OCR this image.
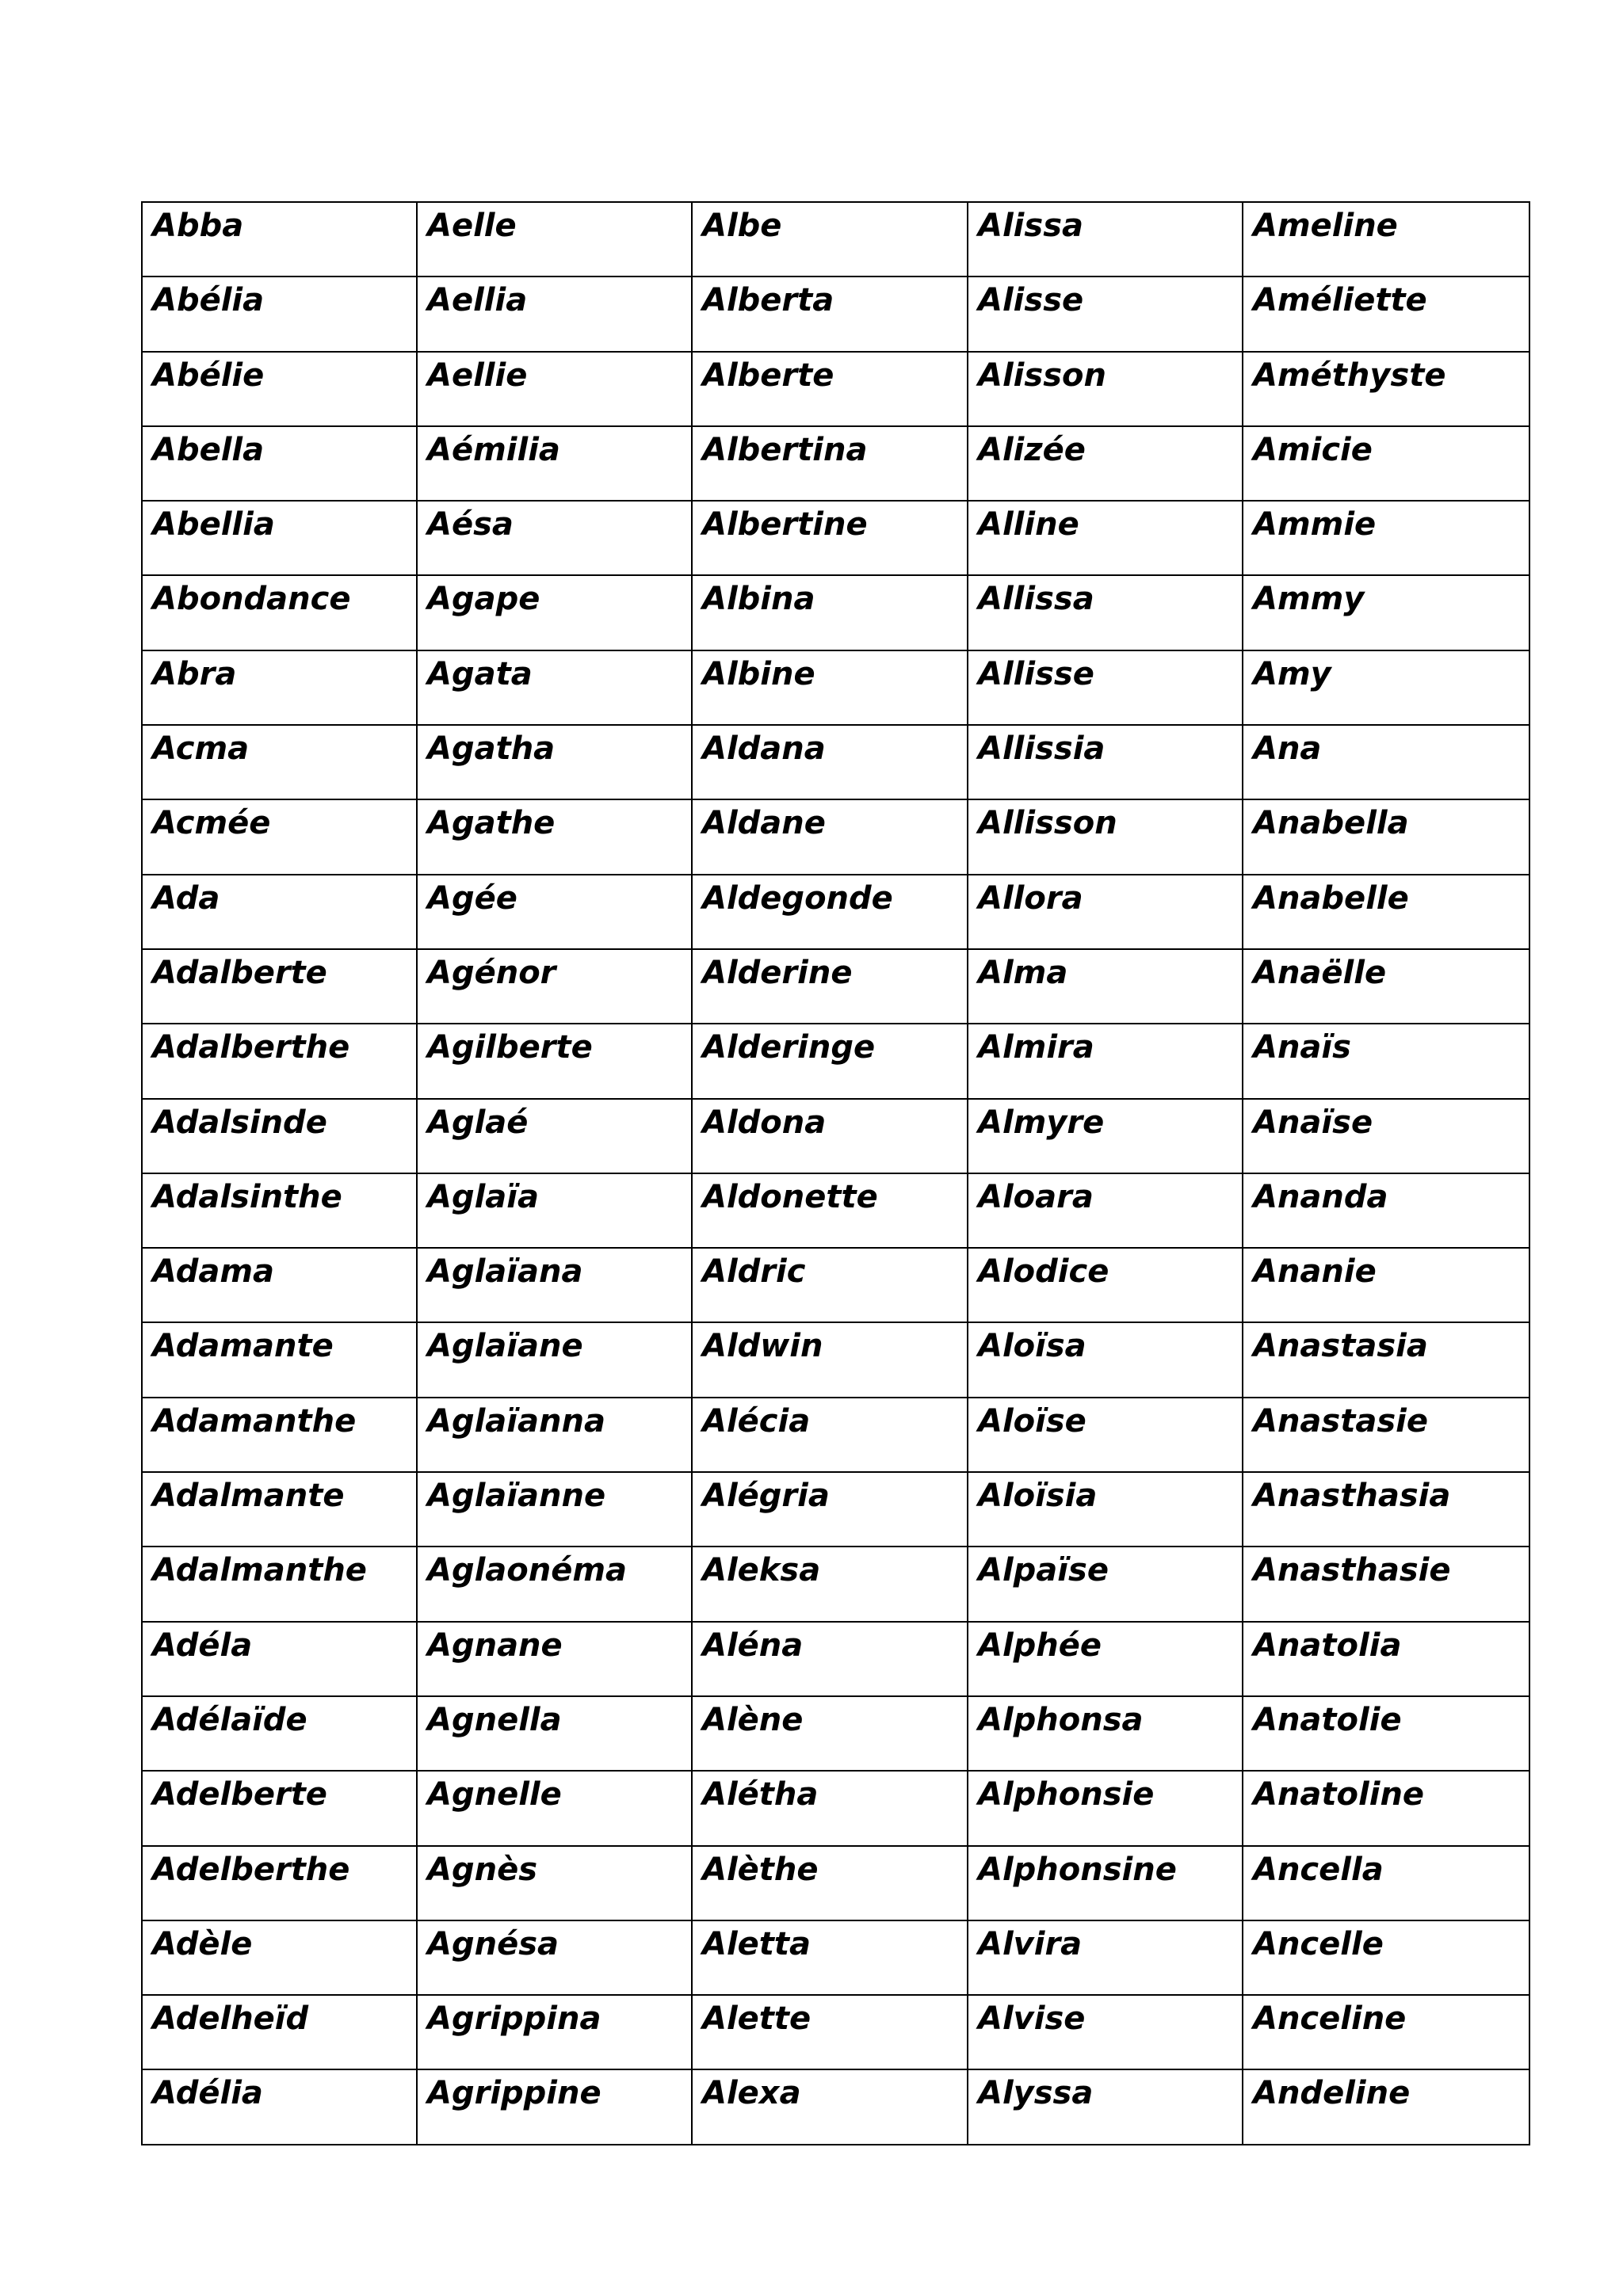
Abba	Aelle	Albe	Alissa	Ameline
Abélia	Aellia	Alberta	Alisse	Améliette
Abélie	Aellie	Alberte	Alisson	Améthyste
Abella	Aémilia	Albertina	Alizée	Amicie
Abellia	Aésa	Albertine	Alline	Ammie
Abondance	Agape	Albina	Allissa	Ammy
Abra	Agata	Albine	Allisse	Amy
Acma	Agatha	Aldana	Allissia	Ana
Acmée	Agathe	Aldane	Allisson	Anabella
Ada	Agée	Aldegonde	Allora	Anabelle
Adalberte	Agénor	Alderine	Alma	Anaëlle
Adalberthe	Agilberte	Alderinge	Almira	Anaïs
Adalsinde	Aglaé	Aldona	Almyre	Anaïse
Adalsinthe	Aglaïa	Aldonette	Aloara	Ananda
Adama	Aglaïana	Aldric	Alodice	Ananie
Adamante	Aglaïane	Aldwin	Aloïsa	Anastasia
Adamanthe	Aglaïanna	Alécia	Aloïse	Anastasie
Adalmante	Aglaïanne	Alégria	Aloïsia	Anasthasia
Adalmanthe	Aglaonéma	Aleksa	Alpaïse	Anasthasie
Adéla	Agnane	Aléna	Alphée	Anatolia
Adélaïde	Agnella	Alène	Alphonsa	Anatolie
Adelberte	Agnelle	Alétha	Alphonsie	Anatoline
Adelberthe	Agnès	Alèthe	Alphonsine	Ancella
Adèle	Agnésa	Aletta	Alvira	Ancelle
Adelheïd	Agrippina	Alette	Alvise	Anceline
Adélia	Agrippine	Alexa	Alyssa	Andeline
